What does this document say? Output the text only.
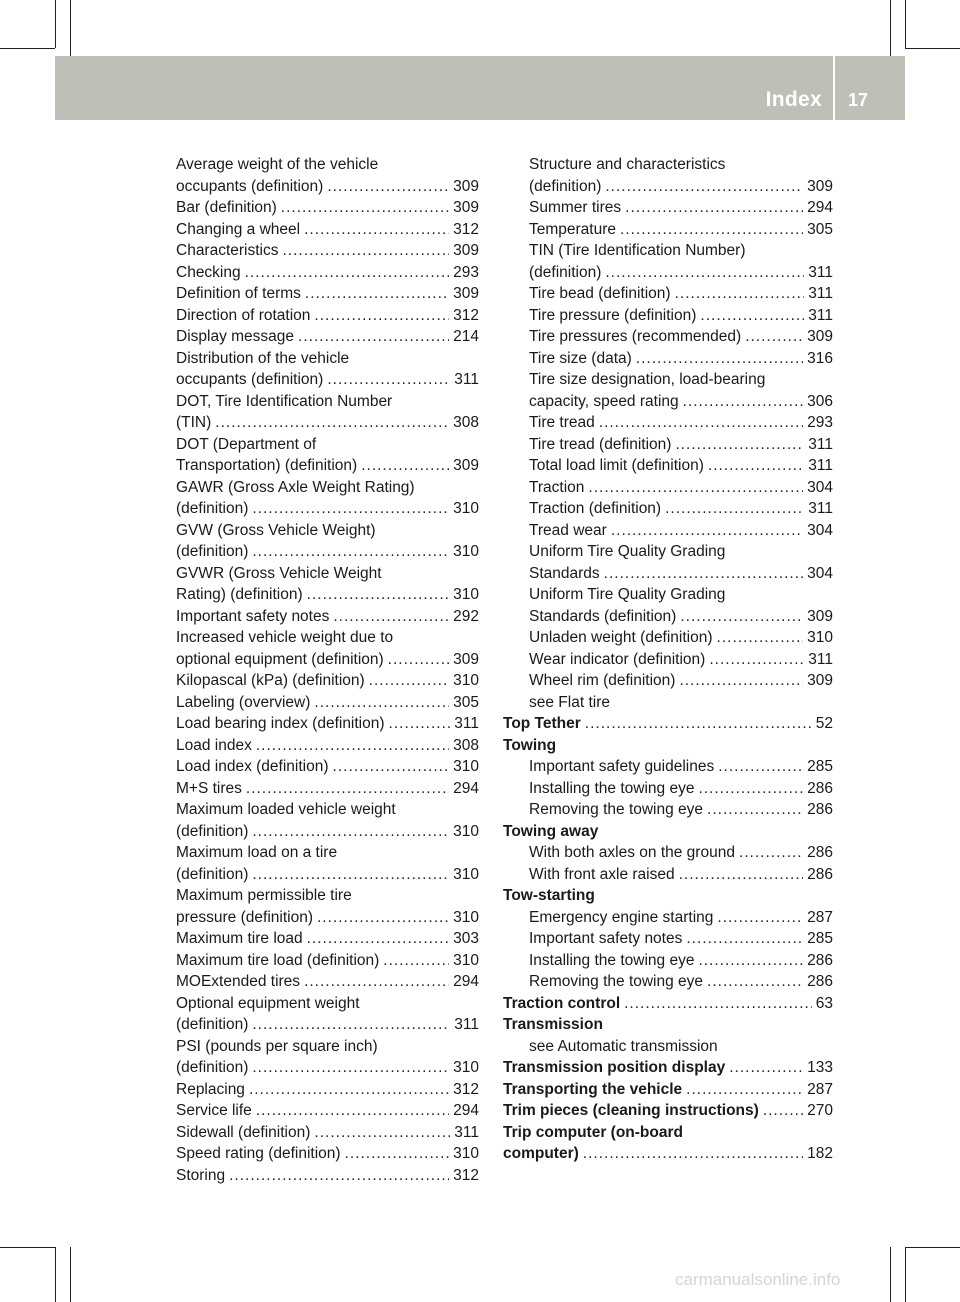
Index 17
Average weight of the vehicle
occupants (definition) .....	309
Bar (definition) .....	309
Changing a wheel .....	312
Characteristics .....	309
Checking .....	293
Definition of terms .....	309
Direction of rotation .....	312
Display message .....	214
Distribution of the vehicle
occupants (definition) .....	311
DOT, Tire Identification Number
(TIN) .....	308
DOT (Department of
Transportation) (definition) .....	309
GAWR (Gross Axle Weight Rating)
(definition) .....	310
GVW (Gross Vehicle Weight)
(definition) .....	310
GVWR (Gross Vehicle Weight
Rating) (definition) .....	310
Important safety notes .....	292
Increased vehicle weight due to
optional equipment (definition) .....	309
Kilopascal (kPa) (definition) .....	310
Labeling (overview) .....	305
Load bearing index (definition) .....	311
Load index .....	308
Load index (definition) .....	310
M+S tires .....	294
Maximum loaded vehicle weight
(definition) .....	310
Maximum load on a tire
(definition) .....	310
Maximum permissible tire
pressure (definition) .....	310
Maximum tire load .....	303
Maximum tire load (definition) .....	310
MOExtended tires .....	294
Optional equipment weight
(definition) .....	311
PSI (pounds per square inch)
(definition) .....	310
Replacing .....	312
Service life .....	294
Sidewall (definition) .....	311
Speed rating (definition) .....	310
Storing .....	312
Structure and characteristics
(definition) .....	309
Summer tires .....	294
Temperature .....	305
TIN (Tire Identification Number)
(definition) .....	311
Tire bead (definition) .....	311
Tire pressure (definition) .....	311
Tire pressures (recommended) .....	309
Tire size (data) .....	316
Tire size designation, load-bearing
capacity, speed rating .....	306
Tire tread .....	293
Tire tread (definition) .....	311
Total load limit (definition) .....	311
Traction .....	304
Traction (definition) .....	311
Tread wear .....	304
Uniform Tire Quality Grading
Standards .....	304
Uniform Tire Quality Grading
Standards (definition) .....	309
Unladen weight (definition) .....	310
Wear indicator (definition) .....	311
Wheel rim (definition) .....	309
see Flat tire
Top Tether .....	52
Towing
Important safety guidelines .....	285
Installing the towing eye .....	286
Removing the towing eye .....	286
Towing away
With both axles on the ground .....	286
With front axle raised .....	286
Tow-starting
Emergency engine starting .....	287
Important safety notes .....	285
Installing the towing eye .....	286
Removing the towing eye .....	286
Traction control .....	63
Transmission
see Automatic transmission
Transmission position display .....	133
Transporting the vehicle .....	287
Trim pieces (cleaning instructions) .....	270
Trip computer (on-board
computer) .....	182
carmanualsonline.info
